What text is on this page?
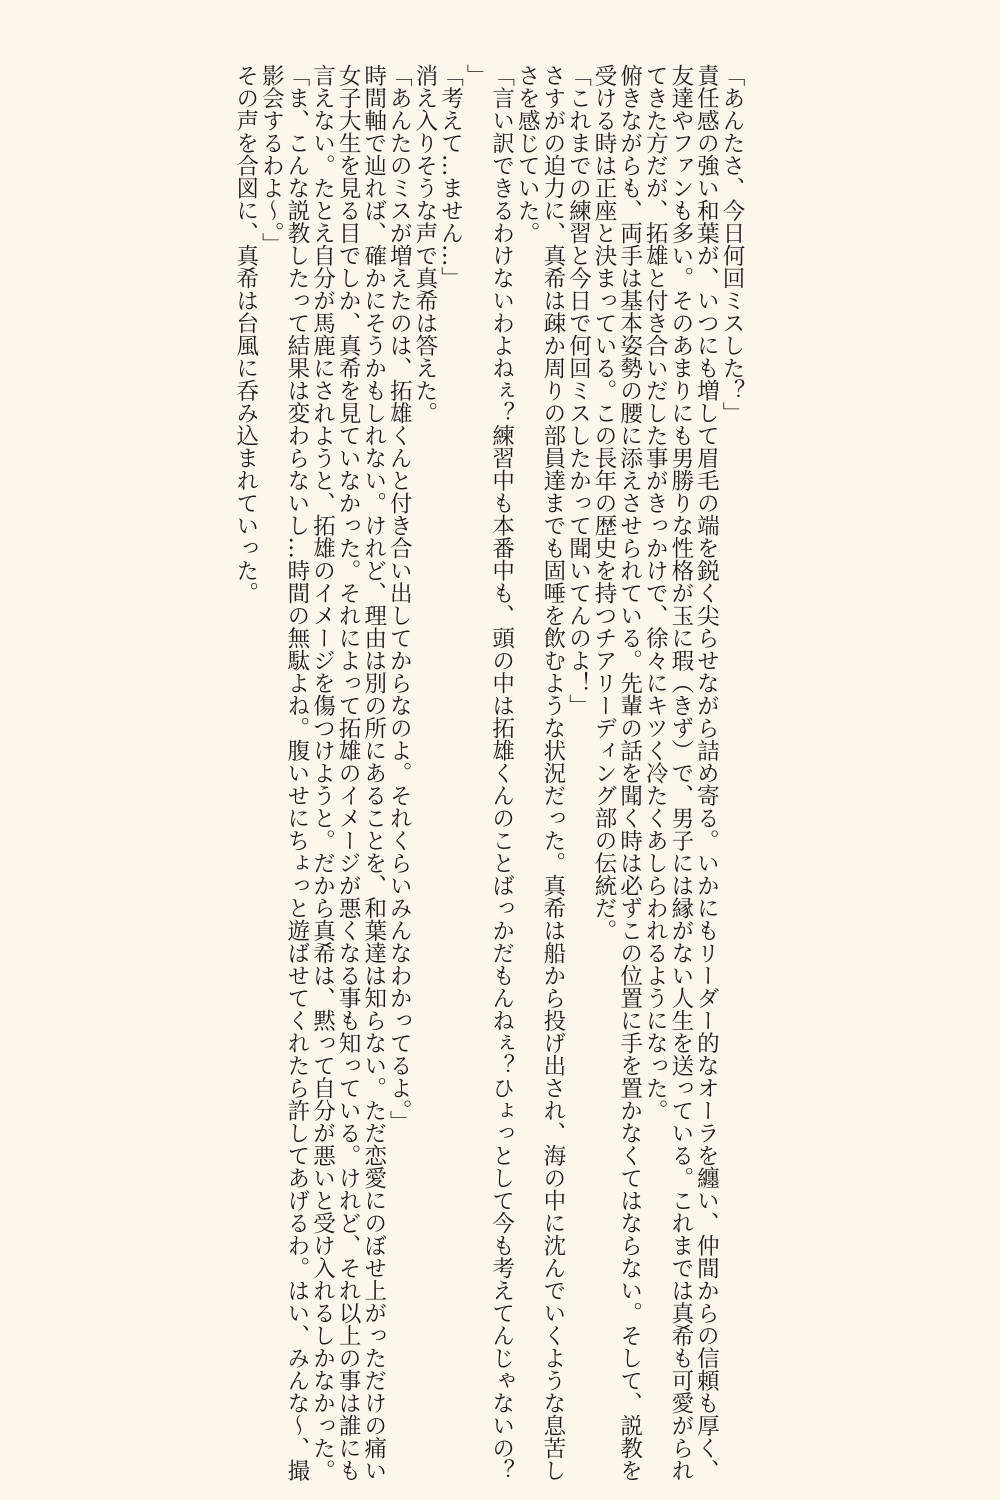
「あんたさ、今日何回ミスした？」

責任感の強い和葉が、いつにも増して眉毛の端を鋭く尖らせながら詰め寄る。いかにもリーダー的なオーラを纏い、仲間からの信頼も厚く、友達やファンも多い。そのあまりにも男勝りな性格が玉に瑕（きず）で、男子には縁がない人生を送っている。これまでは真希も可愛がられてきた方だが、拓雄と付き合いだした事がきっかけで、徐々にキツく冷たくあしらわれるようになった。

俯きながらも、両手は基本姿勢の腰に添えさせられている。先輩の話を聞く時は必ずこの位置に手を置かなくてはならない。そして、説教を受ける時は正座と決まっている。この長年の歴史を持つチアリーディング部の伝統だ。

「これまでの練習と今日で何回ミスしたかって聞いてんのよ！」

さすがの迫力に、真希は疎か周りの部員達までも固唾を飲むような状況だった。真希は船から投げ出され、海の中に沈んでいくような息苦しさを感じていた。

「言い訳できるわけないわよねぇ？練習中も本番中も、頭の中は拓雄くんのことばっかだもんねぇ？ひょっとして今も考えてんじゃないの？」

「考えて…ません…」

消え入りそうな声で真希は答えた。

「あんたのミスが増えたのは、拓雄くんと付き合い出してからなのよ。それくらいみんなわかってるよ。」

時間軸で辿れば、確かにそうかもしれない。けれど、理由は別の所にあることを、和葉達は知らない。ただ恋愛にのぼせ上がっただけの痛い女子大生を見る目でしか、真希を見ていなかった。それによって拓雄のイメージが悪くなる事も知っている。けれど、それ以上の事は誰にも言えない。たとえ自分が馬鹿にされようと、拓雄のイメージを傷つけようと。だから真希は、黙って自分が悪いと受け入れるしかなかった。

「ま、こんな説教したって結果は変わらないし…時間の無駄よね。腹いせにちょっと遊ばせてくれたら許してあげるわ。はい、みんな～、撮影会するわよ～。」

その声を合図に、真希は台風に呑み込まれていった。
